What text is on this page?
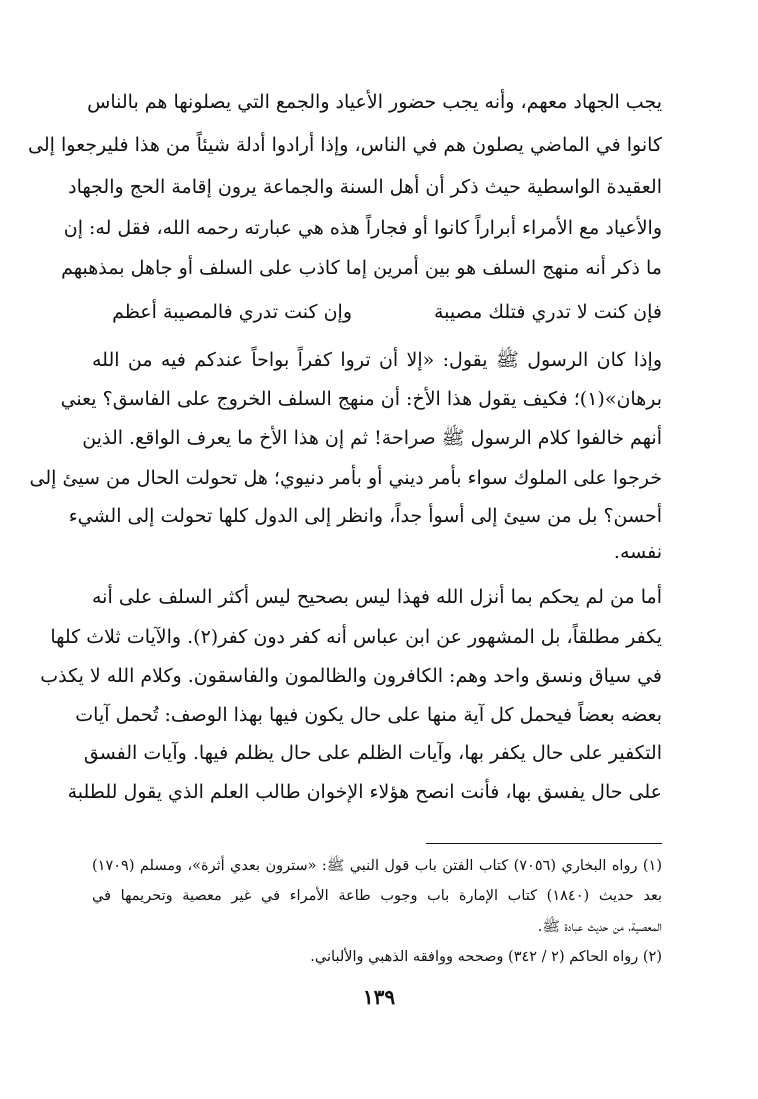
يجب الجهاد معهم، وأنه يجب حضور الأعياد والجمع التي يصلونها هم بالناس
كانوا في الماضي يصلون هم في الناس، وإذا أرادوا أدلة شيئاً من هذا فليرجعوا إلى
العقيدة الواسطية حيث ذكر أن أهل السنة والجماعة يرون إقامة الحج والجهاد
والأعياد مع الأمراء أبراراً كانوا أو فجاراً هذه هي عبارته رحمه الله، فقل له: إن
ما ذكر أنه منهج السلف هو بين أمرين إما كاذب على السلف أو جاهل بمذهبهم
فإن كنت لا تدري فتلك مصيبة
وإن كنت تدري فالمصيبة أعظم
وإذا كان الرسول ﷺ يقول: «إلا أن تروا كفراً بواحاً عندكم فيه من الله
برهان»(١)؛ فكيف يقول هذا الأخ: أن منهج السلف الخروج على الفاسق؟ يعني
أنهم خالفوا كلام الرسول ﷺ صراحة! ثم إن هذا الأخ ما يعرف الواقع. الذين
خرجوا على الملوك سواء بأمر ديني أو بأمر دنيوي؛ هل تحولت الحال من سيئ إلى
أحسن؟ بل من سيئ إلى أسوأ جداً، وانظر إلى الدول كلها تحولت إلى الشيء
نفسه.
أما من لم يحكم بما أنزل الله فهذا ليس بصحيح ليس أكثر السلف على أنه
يكفر مطلقاً، بل المشهور عن ابن عباس أنه كفر دون كفر(٢). والآيات ثلاث كلها
في سياق ونسق واحد وهم: الكافرون والظالمون والفاسقون. وكلام الله لا يكذب
بعضه بعضاً فيحمل كل آية منها على حال يكون فيها بهذا الوصف: تُحمل آيات
التكفير على حال يكفر بها، وآيات الظلم على حال يظلم فيها. وآيات الفسق
على حال يفسق بها، فأنت انصح هؤلاء الإخوان طالب العلم الذي يقول للطلبة
(١) رواه البخاري (٧٠٥٦) كتاب الفتن باب قول النبي ﷺ: «سترون بعدي أثرة»، ومسلم (١٧٠٩)
بعد حديث (١٨٤٠) كتاب الإمارة باب وجوب طاعة الأمراء في غير معصية وتحريمها في
المعصية، من حديث عبادة ﷺ.
(٢) رواه الحاكم (٢ / ٣٤٢) وصححه ووافقه الذهبي والألباني.
١٣٩
